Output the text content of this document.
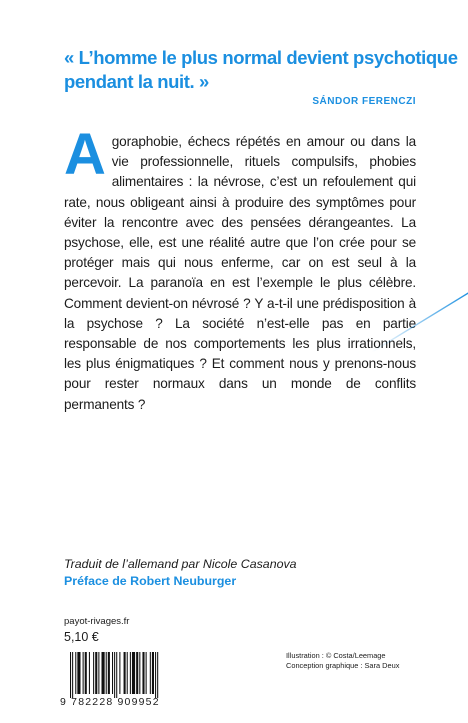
« L’homme le plus normal devient psychotique
pendant la nuit. »
SÁNDOR FERENCZI
Agoraphobie, échecs répétés en amour ou dans la vie professionnelle, rituels compulsifs, phobies alimentaires : la névrose, c’est un refoulement qui rate, nous obligeant ainsi à produire des symptômes pour éviter la rencontre avec des pensées dérangeantes. La psychose, elle, est une réalité autre que l’on crée pour se protéger mais qui nous enferme, car on est seul à la percevoir. La paranoïa en est l’exemple le plus célèbre. Comment devient-on névrosé ? Y a-t-il une prédisposition à la psychose ? La société n’est-elle pas en partie responsable de nos comportements les plus irrationnels, les plus énigmatiques ? Et comment nous y prenons-nous pour rester normaux dans un monde de conflits permanents ?
Traduit de l’allemand par Nicole Casanova
Préface de Robert Neuburger
payot-rivages.fr
5,10 €
9 782228 909952
Illustration : © Costa/Leemage
Conception graphique : Sara Deux
